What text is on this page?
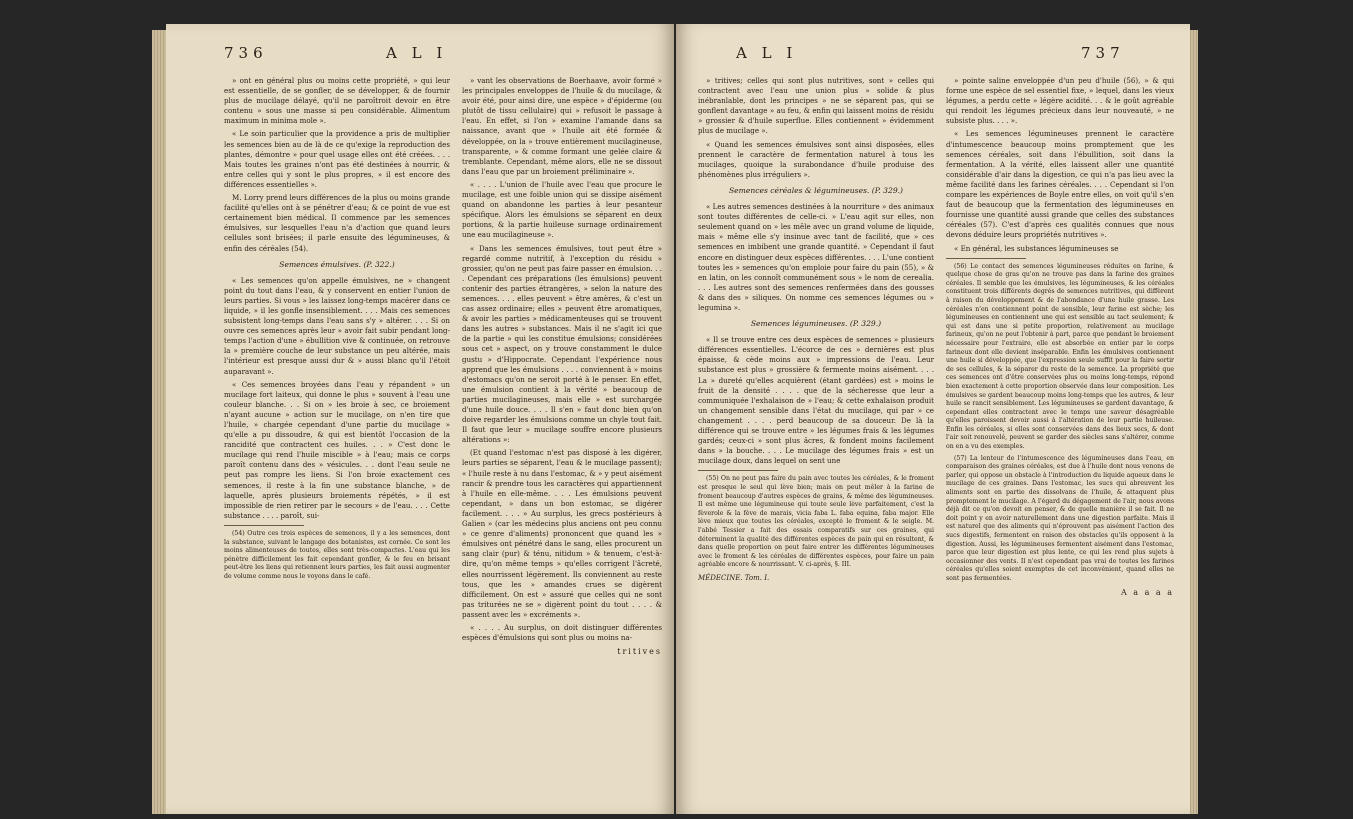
736	A L I

» ont en général plus ou moins cette propriété, » qui leur est essentielle, de se gonfler, de se développer, & de fournir plus de mucilage délayé, qu'il ne paroîtroit devoir en être contenu » sous une masse si peu considérable. Alimentum maximum in minima mole ».

« Le soin particulier que la providence a pris de multiplier les semences bien au de là de ce qu'exige la reproduction des plantes, démontre » pour quel usage elles ont été créées. . . . Mais toutes les graines n'ont pas été destinées à nourrir, & entre celles qui y sont le plus propres, » il est encore des différences essentielles ».

M. Lorry prend leurs différences de la plus ou moins grande facilité qu'elles ont à se pénétrer d'eau; & ce point de vue est certainement bien médical. Il commence par les semences émulsives, sur lesquelles l'eau n'a d'action que quand leurs cellules sont brisées; il parle ensuite des légumineuses, & enfin des céréales (54).

Semences émulsives. (P. 322.)

« Les semences qu'on appelle émulsives, ne » changent point du tout dans l'eau, & y conservent en entier l'union de leurs parties. Si vous » les laissez long-temps macérer dans ce liquide, » il les gonfle insensiblement. . . . Mais ces semences subsistent long-temps dans l'eau sans s'y » altérer. . . . Si on ouvre ces semences après leur » avoir fait subir pendant long-temps l'action d'une » ébullition vive & continuée, on retrouve la » première couche de leur substance un peu altérée, mais l'intérieur est presque aussi dur & » aussi blanc qu'il l'étoit auparavant ».

« Ces semences broyées dans l'eau y répandent » un mucilage fort laiteux, qui donne le plus » souvent à l'eau une couleur blanche. . . Si on » les broie à sec, ce broiement n'ayant aucune » action sur le mucilage, on n'en tire que l'huile, » chargée cependant d'une partie du mucilage » qu'elle a pu dissoudre, & qui est bientôt l'occasion de la rancidité que contractent ces huiles. . . » C'est donc le mucilage qui rend l'huile miscible » à l'eau; mais ce corps paroît contenu dans des » vésicules. . . dont l'eau seule ne peut pas rompre les liens. Si l'on broie exactement ces semences, il reste à la fin une substance blanche, » de laquelle, après plusieurs broiements répétés, » il est impossible de rien retirer par le secours » de l'eau. . . . Cette substance . . . . paroît, sui-

(54) Outre ces trois espèces de semences, il y a les semences, dont la substance, suivant le langage des botanistes, est cornée. Ce sont les moins alimenteuses de toutes, elles sont très-compactes. L'eau qui les pénètre difficilement les fait cependant gonfler, & le feu en brisant peut-être les liens qui retiennent leurs parties, les fait aussi augmenter de volume comme nous le voyons dans le café.

» vant les observations de Boerhaave, avoir formé » les principales enveloppes de l'huile & du mucilage, & avoir été, pour ainsi dire, une espèce » d'épiderme (ou plutôt de tissu cellulaire) qui » refusoit le passage à l'eau. En effet, si l'on » examine l'amande dans sa naissance, avant que » l'huile ait été formée & développée, on la » trouve entièrement mucilagineuse, transparente, » & comme formant une gelée claire & tremblante. Cependant, même alors, elle ne se dissout dans l'eau que par un broiement préliminaire ».

« . . . . L'union de l'huile avec l'eau que procure le mucilage, est une foible union qui se dissipe aisément quand on abandonne les parties à leur pesanteur spécifique. Alors les émulsions se séparent en deux portions, & la partie huileuse surnage ordinairement une eau mucilagineuse ».

« Dans les semences émulsives, tout peut être » regardé comme nutritif, à l'exception du résidu » grossier, qu'on ne peut pas faire passer en émulsion. . . . Cependant ces préparations (les émulsions) peuvent contenir des parties étrangères, » selon la nature des semences. . . . elles peuvent » être amères, & c'est un cas assez ordinaire; elles » peuvent être aromatiques, & avoir les parties » médicamenteuses qui se trouvent dans les autres » substances. Mais il ne s'agit ici que de la partie » qui les constitue émulsions; considérées sous cet » aspect, on y trouve constamment le dulce gustu » d'Hippocrate. Cependant l'expérience nous apprend que les émulsions . . . . conviennent à » moins d'estomacs qu'on ne seroit porté à le penser. En effet, une émulsion contient à la vérité » beaucoup de parties mucilagineuses, mais elle » est surchargée d'une huile douce. . . . Il s'en » faut donc bien qu'on doive regarder les émulsions comme un chyle tout fait. Il faut que leur » mucilage souffre encore plusieurs altérations »:

(Et quand l'estomac n'est pas disposé à les digérer, leurs parties se séparent, l'eau & le mucilage passent); « l'huile reste à nu dans l'estomac, & » y peut aisément rancir & prendre tous les caractères qui appartiennent à l'huile en elle-même. . . . Les émulsions peuvent cependant, » dans un bon estomac, se digérer facilement. . . . » Au surplus, les grecs postérieurs à Galien » (car les médecins plus anciens ont peu connu » ce genre d'aliments) prononcent que quand les » émulsives ont pénétré dans le sang, elles procurent un sang clair (pur) & ténu, nitidum » & tenuem, c'est-à-dire, qu'on même temps » qu'elles corrigent l'âcreté, elles nourrissent légèrement. Ils conviennent au reste tous, que les » amandes crues se digèrent difficilement. On est » assuré que celles qui ne sont pas triturées ne se » digèrent point du tout . . . . & passent avec les » excréments ».

« . . . . Au surplus, on doit distinguer différentes espèces d'émulsions qui sont plus ou moins na-

tritives
A L I	737

» tritives; celles qui sont plus nutritives, sont » celles qui contractent avec l'eau une union plus » solide & plus inébranlable, dont les principes » ne se séparent pas, qui se gonflent davantage » au feu, & enfin qui laissent moins de résidu » grossier & d'huile superflue. Elles contiennent » évidemment plus de mucilage ».

« Quand les semences émulsives sont ainsi disposées, elles prennent le caractère de fermentation naturel à tous les mucilages, quoique la surabondance d'huile produise des phénomènes plus irréguliers ».

Semences céréales & légumineuses. (P. 329.)

« Les autres semences destinées à la nourriture » des animaux sont toutes différentes de celle-ci. » L'eau agit sur elles, non seulement quand on » les mêle avec un grand volume de liquide, mais » même elle s'y insinue avec tant de facilité, que » ces semences en imbibent une grande quantité. » Cependant il faut encore en distinguer deux espèces différentes. . . . L'une contient toutes les » semences qu'on emploie pour faire du pain (55), » & en latin, on les connoît communément sous » le nom de cerealia. . . . Les autres sont des semences renfermées dans des gousses & dans des » siliques. On nomme ces semences légumes ou » legumina ».

Semences légumineuses. (P. 329.)

« Il se trouve entre ces deux espèces de semences » plusieurs différences essentielles. L'écorce de ces » dernières est plus épaisse, & cède moins aux » impressions de l'eau. Leur substance est plus » grossière & fermente moins aisément. . . . La » dureté qu'elles acquièrent (étant gardées) est » moins le fruit de la densité . . . . que de la sécheresse que leur a communiquée l'exhalaison de » l'eau; & cette exhalaison produit un changement sensible dans l'état du mucilage, qui par » ce changement . . . . perd beaucoup de sa douceur. De là la différence qui se trouve entre » les légumes frais & les légumes gardés; ceux-ci » sont plus âcres, & fondent moins facilement dans » la bouche. . . . Le mucilage des légumes frais » est un mucilage doux, dans lequel on sent une

(55) On ne peut pas faire du pain avec toutes les céréales, & le froment est presque le seul qui lève bien; mais on peut mêler à la farine de froment beaucoup d'autres espèces de grains, & même des légumineuses. Il est même une légumineuse qui toute seule lève parfaitement, c'est la fèverole & la fève de marais, vicia faba L. faba equina, faba major. Elle lève mieux que toutes les céréales, excepté le froment & le seigle. M. l'abbé Tessier a fait des essais comparatifs sur ces graines, qui déterminent la qualité des différentes espèces de pain qui en résultent, & dans quelle proportion on peut faire entrer les différentes légumineuses avec le froment & les céréales de différentes espèces, pour faire un pain agréable encore & nourrissant. V. ci-après, §. III.

MÉDECINE. Tom. I.

» pointe saline enveloppée d'un peu d'huile (56), » & qui forme une espèce de sel essentiel fixe, » lequel, dans les vieux légumes, a perdu cette » légère acidité. . . & le goût agréable qui rendoit les légumes précieux dans leur nouveauté, » ne subsiste plus. . . . ».

« Les semences légumineuses prennent le caractère d'intumescence beaucoup moins promptement que les semences céréales, soit dans l'ébullition, soit dans la fermentation. A la vérité, elles laissent aller une quantité considérable d'air dans la digestion, ce qui n'a pas lieu avec la même facilité dans les farines céréales. . . . Cependant si l'on compare les expériences de Boyle entre elles, on voit qu'il s'en faut de beaucoup que la fermentation des légumineuses en fournisse une quantité aussi grande que celles des substances céréales (57). C'est d'après ces qualités connues que nous devons déduire leurs propriétés nutritives ».

« En général, les substances légumineuses se

(56) Le contact des semences légumineuses réduites en farine, & quelque chose de gras qu'on ne trouve pas dans la farine des graines céréales. Il semble que les émulsives, les légumineuses, & les céréales constituent trois différents degrés de semences nutritives, qui diffèrent à raison du développement & de l'abondance d'une huile grasse. Les céréales n'en contiennent point de sensible, leur farine est sèche; les légumineuses en contiennent une qui est sensible au tact seulement; & qui est dans une si petite proportion, relativement au mucilage farineux, qu'on ne peut l'obtenir à part, parce que pendant le broiement nécessaire pour l'extraire, elle est absorbée en entier par le corps farineux dont elle devient inséparable. Enfin les émulsives contiennent une huile si développée, que l'expression seule suffit pour la faire sortir de ses cellules, & la séparer du reste de la semence. La propriété que ces semences ont d'être conservées plus ou moins long-temps, répond bien exactement à cette proportion observée dans leur composition. Les émulsives se gardent beaucoup moins long-temps que les autres, & leur huile se rancit sensiblement. Les légumineuses se gardent davantage, & cependant elles contractent avec le temps une saveur désagréable qu'elles paroissent devoir aussi à l'altération de leur partie huileuse. Enfin les céréales, si elles sont conservées dans des lieux secs, & dont l'air soit renouvelé, peuvent se garder des siècles sans s'altérer, comme on en a vu des exemples.

(57) La lenteur de l'intumescence des légumineuses dans l'eau, en comparaison des graines céréales, est due à l'huile dont nous venons de parler, qui oppose un obstacle à l'introduction du liquide aqueux dans le mucilage de ces graines. Dans l'estomac, les sucs qui abreuvent les aliments sont en partie des dissolvans de l'huile, & attaquent plus promptement le mucilage. A l'égard du dégagement de l'air, nous avons déjà dit ce qu'on devoit en penser, & de quelle manière il se fait. Il ne doit point y en avoir naturellement dans une digestion parfaite. Mais il est naturel que des aliments qui n'éprouvent pas aisément l'action des sucs digestifs, fermentent en raison des obstacles qu'ils opposent à la digestion. Aussi, les légumineuses fermentent aisément dans l'estomac, parce que leur digestion est plus lente, ce qui les rend plus sujets à occasionner des vents. Il n'est cependant pas vrai de toutes les farines céréales qu'elles soient exemptes de cet inconvénient, quand elles ne sont pas fermentées.

A a a a a
